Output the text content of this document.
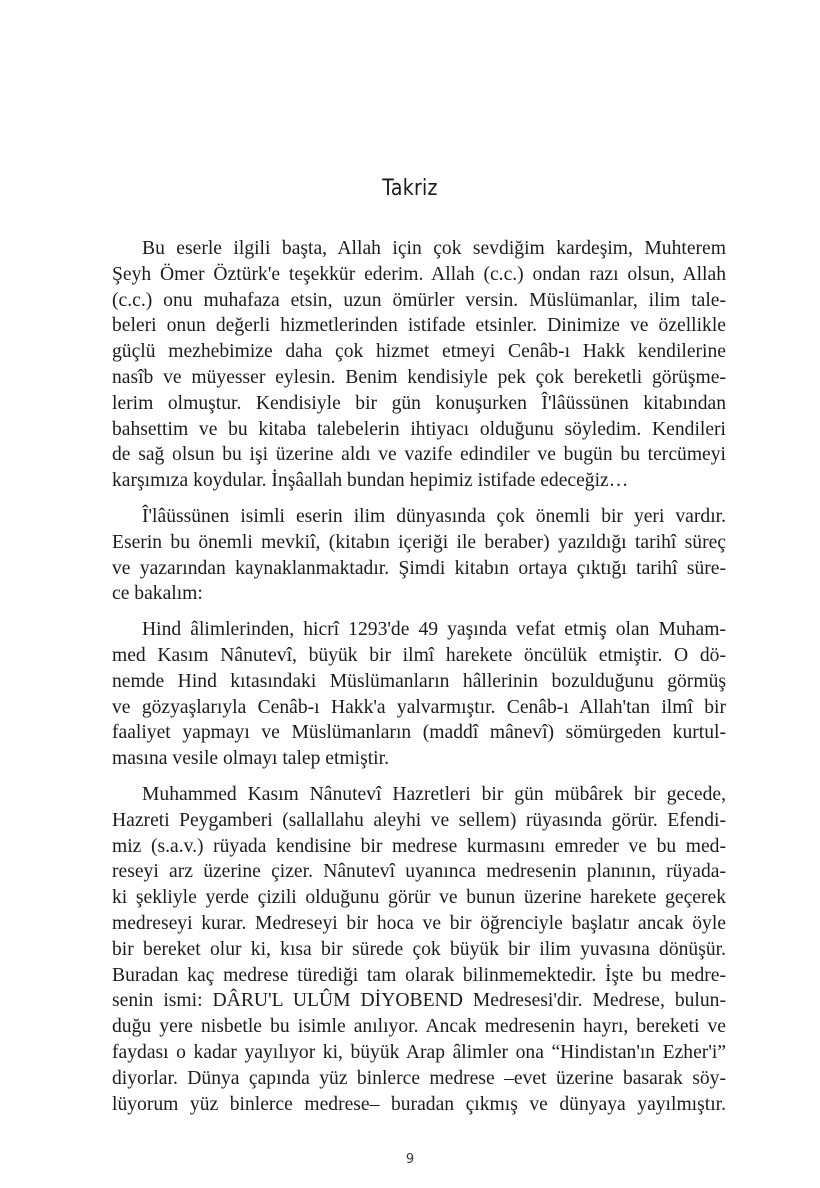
Takriz

Bu eserle ilgili başta, Allah için çok sevdiğim kardeşim, Muhterem
Şeyh Ömer Öztürk'e teşekkür ederim. Allah (c.c.) ondan razı olsun, Allah
(c.c.) onu muhafaza etsin, uzun ömürler versin. Müslümanlar, ilim tale-
beleri onun değerli hizmetlerinden istifade etsinler. Dinimize ve özellikle
güçlü mezhebimize daha çok hizmet etmeyi Cenâb-ı Hakk kendilerine
nasîb ve müyesser eylesin. Benim kendisiyle pek çok bereketli görüşme-
lerim olmuştur. Kendisiyle bir gün konuşurken Î'lâüssünen kitabından
bahsettim ve bu kitaba talebelerin ihtiyacı olduğunu söyledim. Kendileri
de sağ olsun bu işi üzerine aldı ve vazife edindiler ve bugün bu tercümeyi
karşımıza koydular. İnşâallah bundan hepimiz istifade edeceğiz…

Î'lâüssünen isimli eserin ilim dünyasında çok önemli bir yeri vardır.
Eserin bu önemli mevkiî, (kitabın içeriği ile beraber) yazıldığı tarihî süreç
ve yazarından kaynaklanmaktadır. Şimdi kitabın ortaya çıktığı tarihî süre-
ce bakalım:

Hind âlimlerinden, hicrî 1293'de 49 yaşında vefat etmiş olan Muham-
med Kasım Nânutevî, büyük bir ilmî harekete öncülük etmiştir. O dö-
nemde Hind kıtasındaki Müslümanların hâllerinin bozulduğunu görmüş
ve gözyaşlarıyla Cenâb-ı Hakk'a yalvarmıştır. Cenâb-ı Allah'tan ilmî bir
faaliyet yapmayı ve Müslümanların (maddî mânevî) sömürgeden kurtul-
masına vesile olmayı talep etmiştir.

Muhammed Kasım Nânutevî Hazretleri bir gün mübârek bir gecede,
Hazreti Peygamberi (sallallahu aleyhi ve sellem) rüyasında görür. Efendi-
miz (s.a.v.) rüyada kendisine bir medrese kurmasını emreder ve bu med-
reseyi arz üzerine çizer. Nânutevî uyanınca medresenin planının, rüyada-
ki şekliyle yerde çizili olduğunu görür ve bunun üzerine harekete geçerek
medreseyi kurar. Medreseyi bir hoca ve bir öğrenciyle başlatır ancak öyle
bir bereket olur ki, kısa bir sürede çok büyük bir ilim yuvasına dönüşür.
Buradan kaç medrese türediği tam olarak bilinmemektedir. İşte bu medre-
senin ismi: DÂRU'L ULÛM DİYOBEND Medresesi'dir. Medrese, bulun-
duğu yere nisbetle bu isimle anılıyor. Ancak medresenin hayrı, bereketi ve
faydası o kadar yayılıyor ki, büyük Arap âlimler ona “Hindistan'ın Ezher'i”
diyorlar. Dünya çapında yüz binlerce medrese –evet üzerine basarak söy-
lüyorum yüz binlerce medrese– buradan çıkmış ve dünyaya yayılmıştır.

9
